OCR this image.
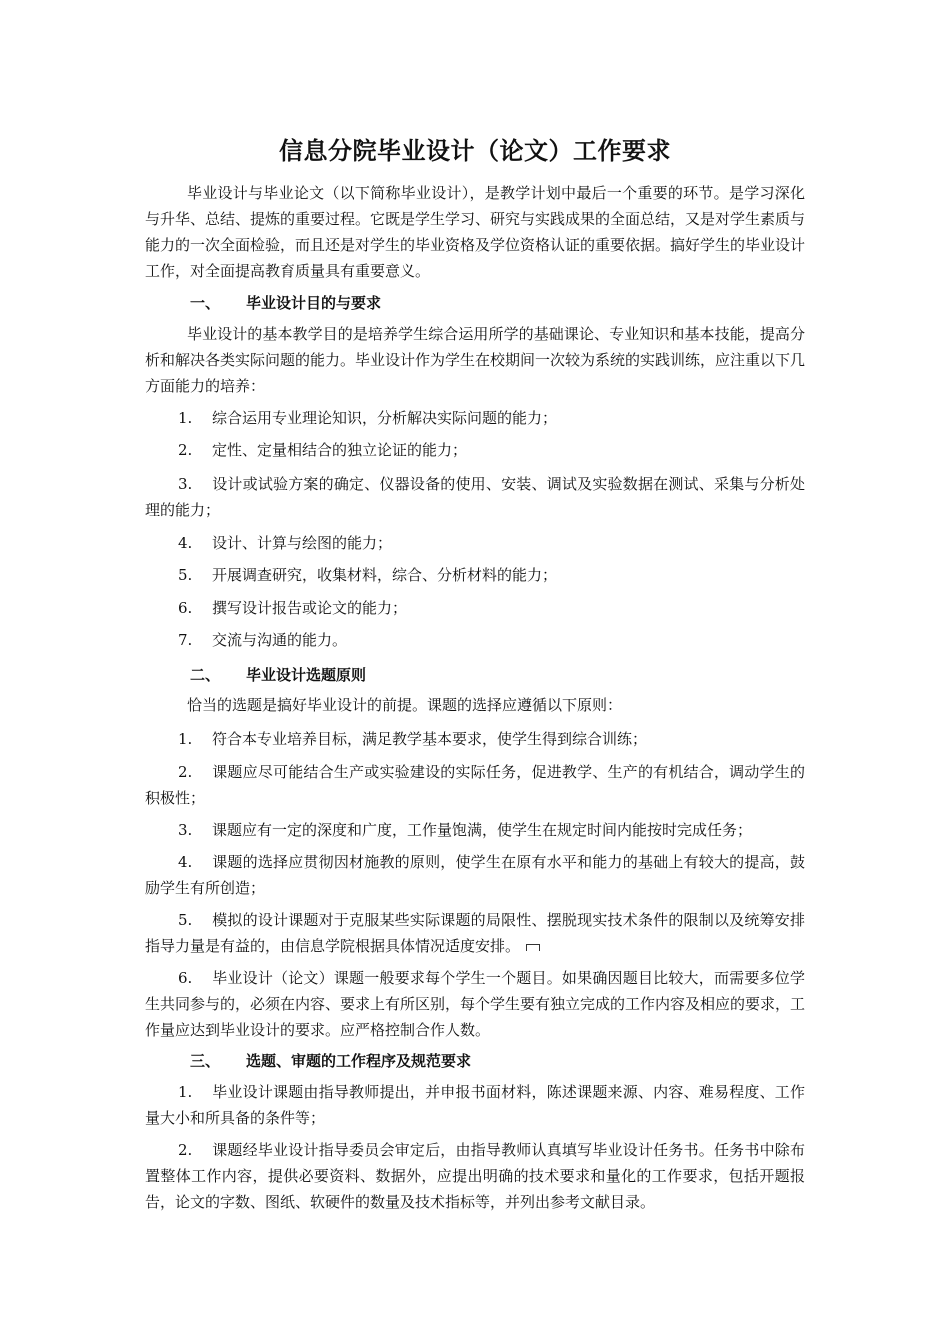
信息分院毕业设计（论文）工作要求

毕业设计与毕业论文（以下简称毕业设计），是教学计划中最后一个重要的环节。是学习深化与升华、总结、提炼的重要过程。它既是学生学习、研究与实践成果的全面总结，又是对学生素质与能力的一次全面检验，而且还是对学生的毕业资格及学位资格认证的重要依据。搞好学生的毕业设计工作，对全面提高教育质量具有重要意义。

一、 毕业设计目的与要求

毕业设计的基本教学目的是培养学生综合运用所学的基础课论、专业知识和基本技能，提高分析和解决各类实际问题的能力。毕业设计作为学生在校期间一次较为系统的实践训练，应注重以下几方面能力的培养：

1. 综合运用专业理论知识，分析解决实际问题的能力；

2. 定性、定量相结合的独立论证的能力；

3. 设计或试验方案的确定、仪器设备的使用、安装、调试及实验数据在测试、采集与分析处理的能力；

4. 设计、计算与绘图的能力；

5. 开展调查研究，收集材料，综合、分析材料的能力；

6. 撰写设计报告或论文的能力；

7. 交流与沟通的能力。

二、 毕业设计选题原则

恰当的选题是搞好毕业设计的前提。课题的选择应遵循以下原则：

1. 符合本专业培养目标，满足教学基本要求，使学生得到综合训练；

2. 课题应尽可能结合生产或实验建设的实际任务，促进教学、生产的有机结合，调动学生的积极性；

3. 课题应有一定的深度和广度，工作量饱满，使学生在规定时间内能按时完成任务；

4. 课题的选择应贯彻因材施教的原则，使学生在原有水平和能力的基础上有较大的提高，鼓励学生有所创造；

5. 模拟的设计课题对于克服某些实际课题的局限性、摆脱现实技术条件的限制以及统筹安排指导力量是有益的，由信息学院根据具体情况适度安排。

6. 毕业设计（论文）课题一般要求每个学生一个题目。如果确因题目比较大，而需要多位学生共同参与的，必须在内容、要求上有所区别，每个学生要有独立完成的工作内容及相应的要求，工作量应达到毕业设计的要求。应严格控制合作人数。

三、 选题、审题的工作程序及规范要求

1. 毕业设计课题由指导教师提出，并申报书面材料，陈述课题来源、内容、难易程度、工作量大小和所具备的条件等；

2. 课题经毕业设计指导委员会审定后，由指导教师认真填写毕业设计任务书。任务书中除布置整体工作内容，提供必要资料、数据外，应提出明确的技术要求和量化的工作要求，包括开题报告，论文的字数、图纸、软硬件的数量及技术指标等，并列出参考文献目录。
